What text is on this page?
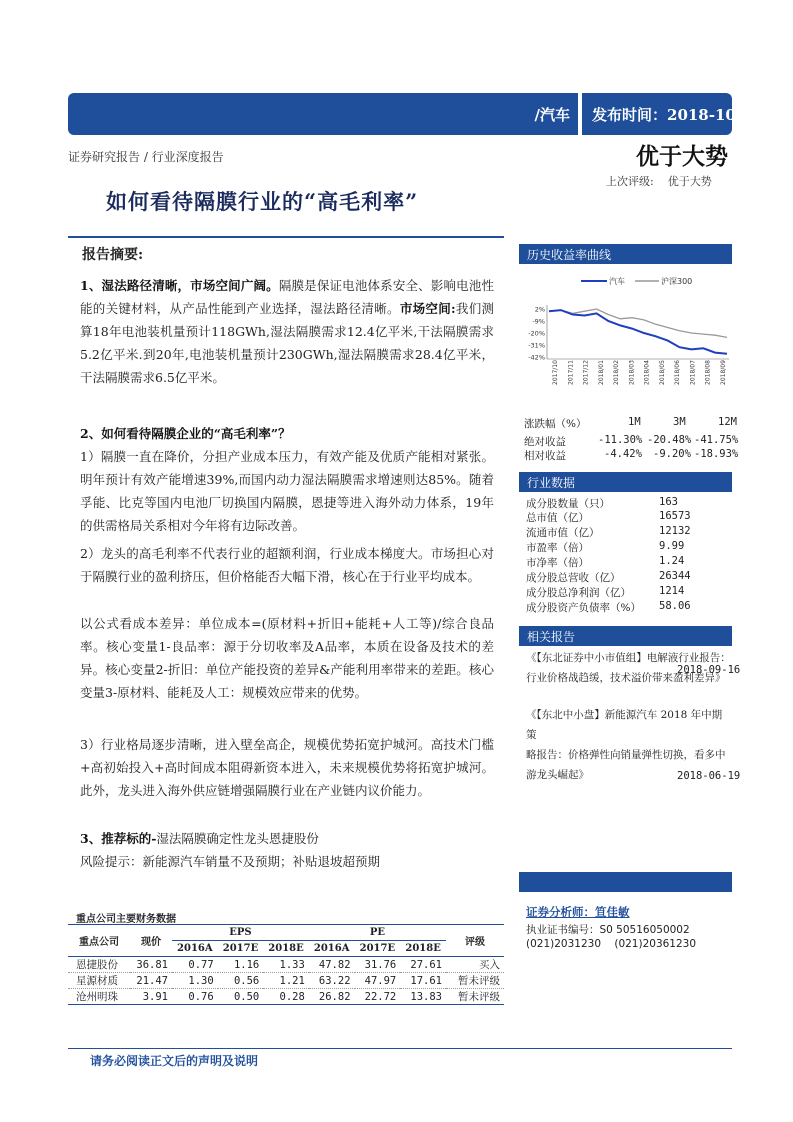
/汽车 发布时间：2018-10-22
证券研究报告 / 行业深度报告	优于大势
上次评级: 优于大势
如何看待隔膜行业的“高毛利率”
报告摘要:
1、湿法路径清晰，市场空间广阔。隔膜是保证电池体系安全、影响电池性能的关键材料，从产品性能到产业选择，湿法路径清晰。市场空间:我们测算18年电池装机量预计118GWh,湿法隔膜需求12.4亿平米,干法隔膜需求5.2亿平米.到20年,电池装机量预计230GWh,湿法隔膜需求28.4亿平米，干法隔膜需求6.5亿平米。
2、如何看待隔膜企业的“高毛利率”？
1）隔膜一直在降价，分担产业成本压力，有效产能及优质产能相对紧张。明年预计有效产能增速39%,而国内动力湿法隔膜需求增速则达85%。随着孚能、比克等国内电池厂切换国内隔膜，恩捷等进入海外动力体系，19年的供需格局关系相对今年将有边际改善。
2）龙头的高毛利率不代表行业的超额利润，行业成本梯度大。市场担心对于隔膜行业的盈利挤压，但价格能否大幅下滑，核心在于行业平均成本。
以公式看成本差异：单位成本=(原材料+折旧+能耗+人工等)/综合良品率。核心变量1-良品率：源于分切收率及A品率，本质在设备及技术的差异。核心变量2-折旧：单位产能投资的差异&产能利用率带来的差距。核心变量3-原材料、能耗及人工：规模效应带来的优势。
3）行业格局逐步清晰，进入壁垒高企，规模优势拓宽护城河。高技术门槛+高初始投入+高时间成本阻碍新资本进入，未来规模优势将拓宽护城河。此外，龙头进入海外供应链增强隔膜行业在产业链内议价能力。
3、推荐标的-湿法隔膜确定性龙头恩捷股份
风险提示：新能源汽车销量不及预期；补贴退坡超预期
历史收益率曲线
汽车	沪深300
2%
-9%
-20%
-31%
-42%
2017/10 2017/11 2017/12 2018/01 2018/02 2018/03 2018/04 2018/05 2018/06 2018/07 2018/08 2018/09
涨跌幅（%）	1M	3M	12M
绝对收益	-11.30% -20.48% -41.75%
相对收益	-4.42% -9.20% -18.93%
行业数据
成分股数量（只）	163
总市值（亿）	16573
流通市值（亿）	12132
市盈率（倍）	9.99
市净率（倍）	1.24
成分股总营收（亿）	26344
成分股总净利润（亿）	1214
成分股资产负债率（%） 58.06
相关报告
《【东北证券中小市值组】电解液行业报告：
行业价格战趋缓，技术溢价带来盈利差异》
2018-09-16
《【东北中小盘】新能源汽车 2018 年中期策
略报告：价格弹性向销量弹性切换，看多中
游龙头崛起》	2018-06-19
证券分析师：笪佳敏
执业证书编号：S0 50516050002
(021)2031230    (021)20361230
重点公司主要财务数据
重点公司	现价	EPS			PE			评级
		2016A	2017E	2018E	2016A	2017E	2018E	
恩捷股份	36.81	0.77	1.16	1.33	47.82	31.76	27.61	买入
星源材质	21.47	1.30	0.56	1.21	63.22	47.97	17.61	暂未评级
沧州明珠	3.91	0.76	0.50	0.28	26.82	22.72	13.83	暂未评级
请务必阅读正文后的声明及说明
